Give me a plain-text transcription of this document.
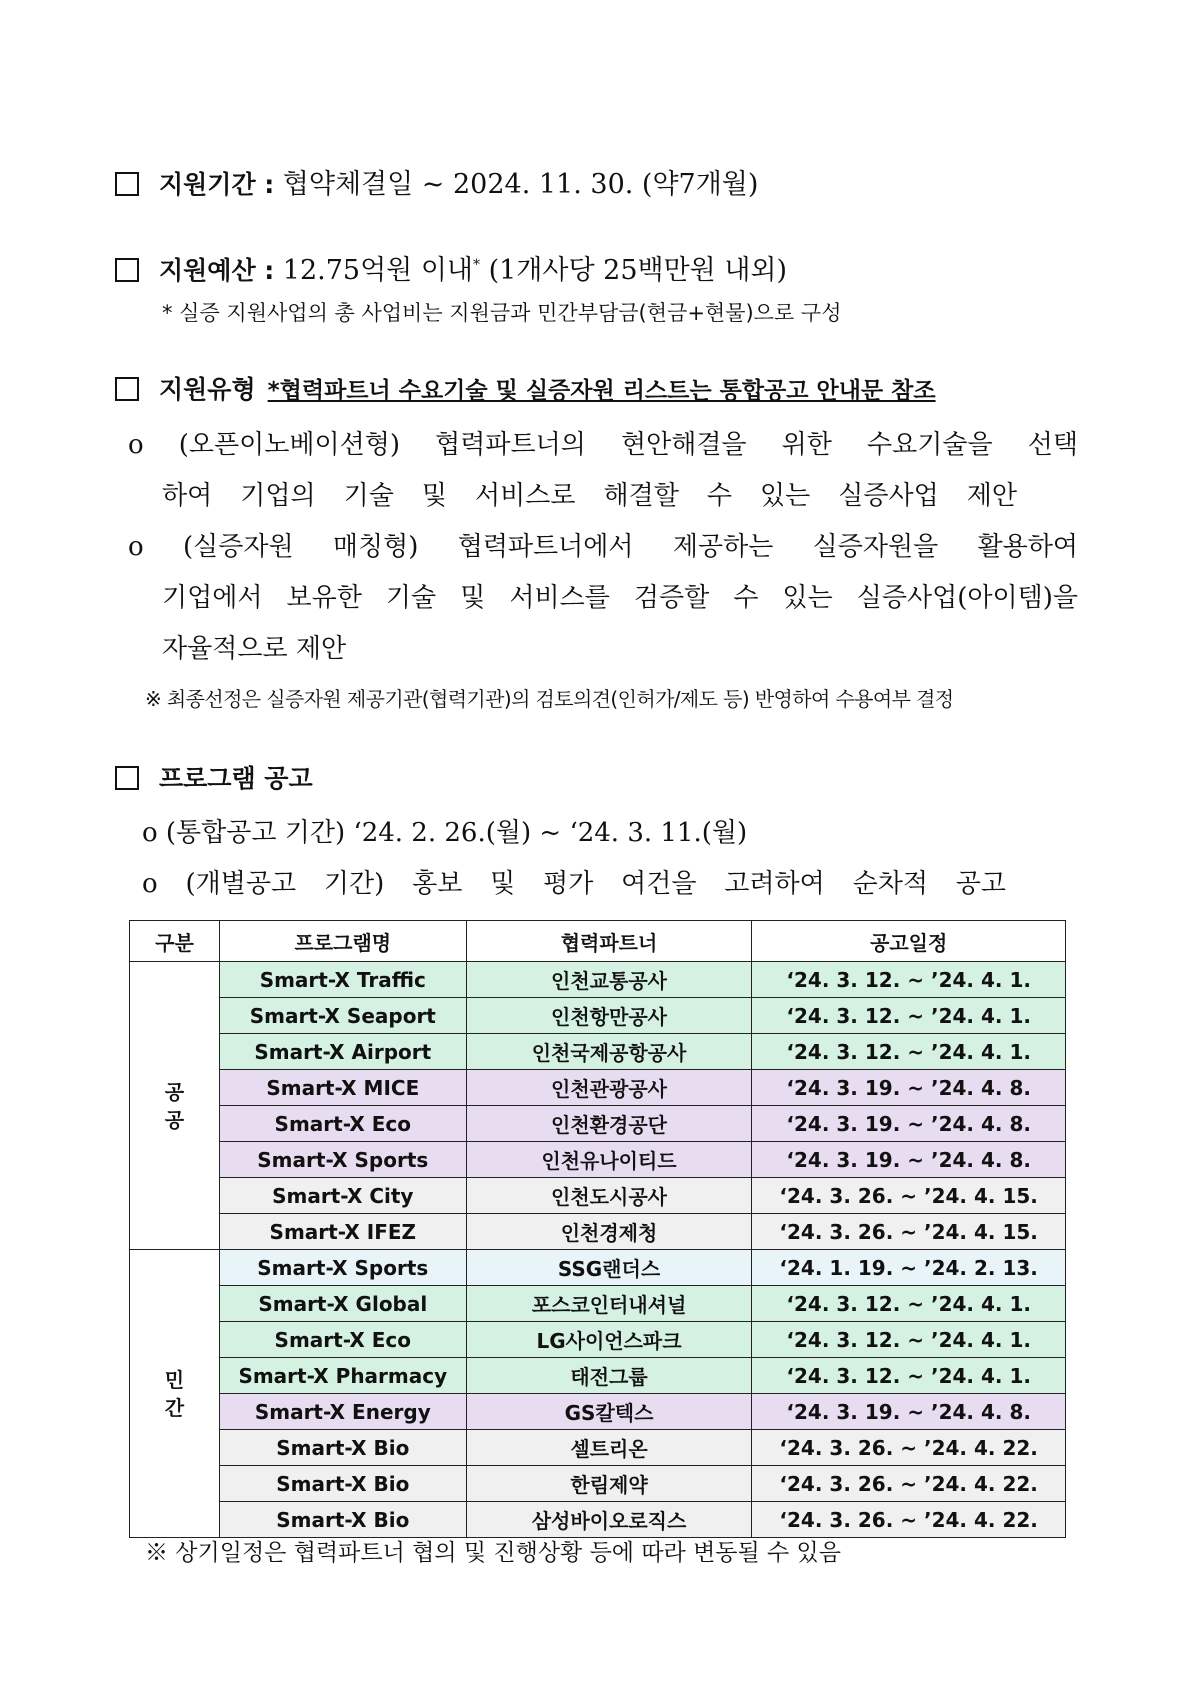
지원기간 : 협약체결일 ~ 2024. 11. 30. (약7개월)
지원예산 : 12.75억원 이내* (1개사당 25백만원 내외)
* 실증 지원사업의 총 사업비는 지원금과 민간부담금(현금+현물)으로 구성
지원유형 *협력파트너 수요기술 및 실증자원 리스트는 통합공고 안내문 참조
o (오픈이노베이션형) 협력파트너의 현안해결을 위한 수요기술을 선택
하여 기업의 기술 및 서비스로 해결할 수 있는 실증사업 제안
o (실증자원 매칭형) 협력파트너에서 제공하는 실증자원을 활용하여
기업에서 보유한 기술 및 서비스를 검증할 수 있는 실증사업(아이템)을
자율적으로 제안
※ 최종선정은 실증자원 제공기관(협력기관)의 검토의견(인허가/제도 등) 반영하여 수용여부 결정
프로그램 공고
o (통합공고 기간) ‘24. 2. 26.(월) ~ ‘24. 3. 11.(월)
o (개별공고 기간) 홍보 및 평가 여건을 고려하여 순차적 공고
구분	프로그램명	협력파트너	공고일정
공
공	Smart-X Traffic	인천교통공사	‘24. 3. 12. ~ ’24. 4. 1.
	Smart-X Seaport	인천항만공사	‘24. 3. 12. ~ ’24. 4. 1.
	Smart-X Airport	인천국제공항공사	‘24. 3. 12. ~ ’24. 4. 1.
	Smart-X MICE	인천관광공사	‘24. 3. 19. ~ ’24. 4. 8.
	Smart-X Eco	인천환경공단	‘24. 3. 19. ~ ’24. 4. 8.
	Smart-X Sports	인천유나이티드	‘24. 3. 19. ~ ’24. 4. 8.
	Smart-X City	인천도시공사	‘24. 3. 26. ~ ’24. 4. 15.
	Smart-X IFEZ	인천경제청	‘24. 3. 26. ~ ’24. 4. 15.
민
간	Smart-X Sports	SSG랜더스	‘24. 1. 19. ~ ’24. 2. 13.
	Smart-X Global	포스코인터내셔널	‘24. 3. 12. ~ ’24. 4. 1.
	Smart-X Eco	LG사이언스파크	‘24. 3. 12. ~ ’24. 4. 1.
	Smart-X Pharmacy	태전그룹	‘24. 3. 12. ~ ’24. 4. 1.
	Smart-X Energy	GS칼텍스	‘24. 3. 19. ~ ’24. 4. 8.
	Smart-X Bio	셀트리온	‘24. 3. 26. ~ ’24. 4. 22.
	Smart-X Bio	한림제약	‘24. 3. 26. ~ ’24. 4. 22.
	Smart-X Bio	삼성바이오로직스	‘24. 3. 26. ~ ’24. 4. 22.
※ 상기일정은 협력파트너 협의 및 진행상황 등에 따라 변동될 수 있음
